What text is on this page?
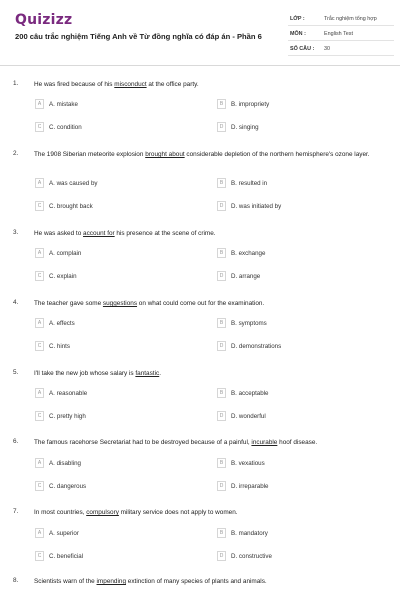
Quizizz
200 câu trắc nghiệm Tiếng Anh về Từ đồng nghĩa có đáp án - Phần 6
LỚP :	Trắc nghiệm tổng hợp
MÔN :	English Test
SỐ CÂU : 30
1. He was fired because of his misconduct at the office party.
A	A. mistake	B	B. impropriety
C	C. condition	D	D. singing
2. The 1908 Siberian meteorite explosion brought about considerable depletion of the northern hemisphere's ozone layer.
A	A. was caused by	B	B. resulted in
C	C. brought back	D	D. was initiated by
3. He was asked to account for his presence at the scene of crime.
A	A. complain	B	B. exchange
C	C. explain	D	D. arrange
4. The teacher gave some suggestions on what could come out for the examination.
A	A. effects	B	B. symptoms
C	C. hints	D	D. demonstrations
5. I'll take the new job whose salary is fantastic.
A	A. reasonable	B	B. acceptable
C	C. pretty high	D	D. wonderful
6. The famous racehorse Secretariat had to be destroyed because of a painful, incurable hoof disease.
A	A. disabling	B	B. vexatious
C	C. dangerous	D	D. irreparable
7. In most countries, compulsory military service does not apply to women.
A	A. superior	B	B. mandatory
C	C. beneficial	D	D. constructive
8. Scientists warn of the impending extinction of many species of plants and animals.
